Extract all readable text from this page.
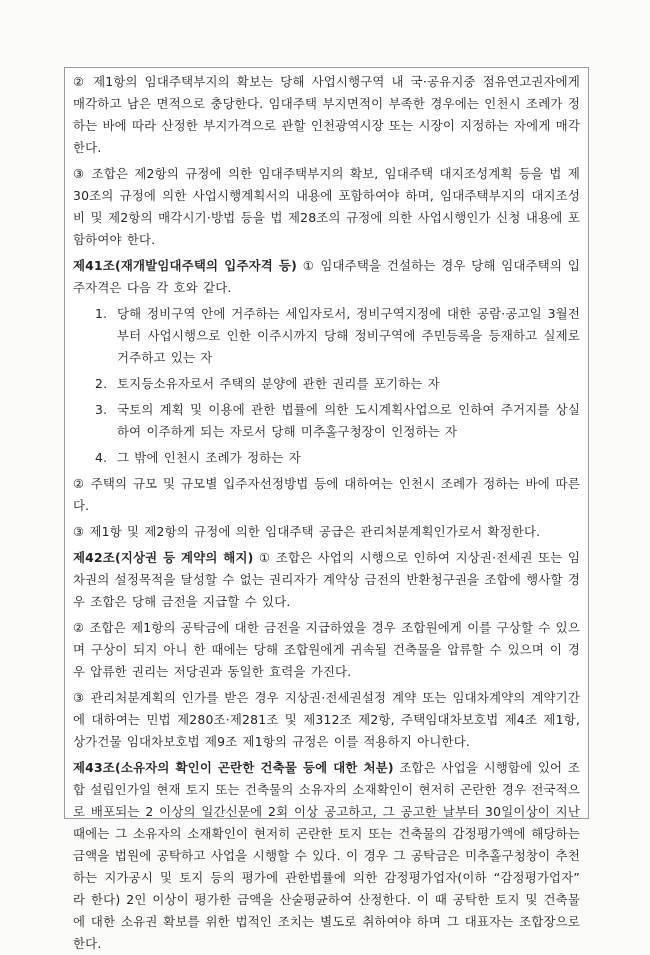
② 제1항의 임대주택부지의 확보는 당해 사업시행구역 내 국·공유지중 점유연고권자에게 매각하고 남은 면적으로 충당한다. 임대주택 부지면적이 부족한 경우에는 인천시 조례가 정하는 바에 따라 산정한 부지가격으로 관할 인천광역시장 또는 시장이 지정하는 자에게 매각한다.

③ 조합은 제2항의 규정에 의한 임대주택부지의 확보, 임대주택 대지조성계획 등을 법 제30조의 규정에 의한 사업시행계획서의 내용에 포함하여야 하며, 임대주택부지의 대지조성비 및 제2항의 매각시기·방법 등을 법 제28조의 규정에 의한 사업시행인가 신청 내용에 포함하여야 한다.

제41조(재개발임대주택의 입주자격 등) ① 임대주택을 건설하는 경우 당해 임대주택의 입주자격은 다음 각 호와 같다.

1. 당해 정비구역 안에 거주하는 세입자로서, 정비구역지정에 대한 공람·공고일 3월전부터 사업시행으로 인한 이주시까지 당해 정비구역에 주민등록을 등재하고 실제로 거주하고 있는 자
2. 토지등소유자로서 주택의 분양에 관한 권리를 포기하는 자
3. 국토의 계획 및 이용에 관한 법률에 의한 도시계획사업으로 인하여 주거지를 상실하여 이주하게 되는 자로서 당해 미추홀구청장이 인정하는 자
4. 그 밖에 인천시 조례가 정하는 자

② 주택의 규모 및 규모별 입주자선정방법 등에 대하여는 인천시 조례가 정하는 바에 따른다.

③ 제1항 및 제2항의 규정에 의한 임대주택 공급은 관리처분계획인가로서 확정한다.

제42조(지상권 등 계약의 해지) ① 조합은 사업의 시행으로 인하여 지상권·전세권 또는 임차권의 설정목적을 달성할 수 없는 권리자가 계약상 금전의 반환청구권을 조합에 행사할 경우 조합은 당해 금전을 지급할 수 있다.

② 조합은 제1항의 공탁금에 대한 금전을 지급하였을 경우 조합원에게 이를 구상할 수 있으며 구상이 되지 아니 한 때에는 당해 조합원에게 귀속될 건축물을 압류할 수 있으며 이 경우 압류한 권리는 저당권과 동일한 효력을 가진다.

③ 관리처분계획의 인가를 받은 경우 지상권·전세권설정 계약 또는 임대차계약의 계약기간에 대하여는 민법 제280조·제281조 및 제312조 제2항, 주택임대차보호법 제4조 제1항, 상가건물 임대차보호법 제9조 제1항의 규정은 이를 적용하지 아니한다.

제43조(소유자의 확인이 곤란한 건축물 등에 대한 처분) 조합은 사업을 시행함에 있어 조합 설립인가일 현재 토지 또는 건축물의 소유자의 소재확인이 현저히 곤란한 경우 전국적으로 배포되는 2 이상의 일간신문에 2회 이상 공고하고, 그 공고한 날부터 30일이상이 지난 때에는 그 소유자의 소재확인이 현저히 곤란한 토지 또는 건축물의 감정평가액에 해당하는 금액을 법원에 공탁하고 사업을 시행할 수 있다. 이 경우 그 공탁금은 미추홀구청창이 추천하는 지가공시 및 토지 등의 평가에 관한법률에 의한 감정평가업자(이하 “감정평가업자” 라 한다) 2인 이상이 평가한 금액을 산술평균하여 산정한다. 이 때 공탁한 토지 및 건축물에 대한 소유권 확보를 위한 법적인 조치는 별도로 취하여야 하며 그 대표자는 조합장으로 한다.
